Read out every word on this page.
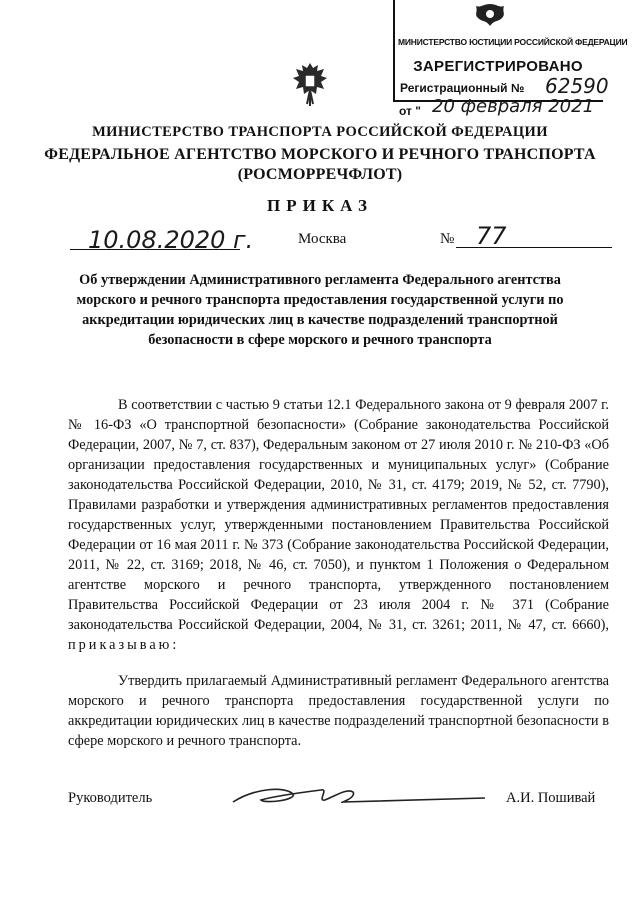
МИНИСТЕРСТВО ЮСТИЦИИ РОССИЙСКОЙ ФЕДЕРАЦИИ
ЗАРЕГИСТРИРОВАНО
Регистрационный № 62590
от " 20 февраля 2021
МИНИСТЕРСТВО ТРАНСПОРТА РОССИЙСКОЙ ФЕДЕРАЦИИ
ФЕДЕРАЛЬНОЕ АГЕНТСТВО МОРСКОГО И РЕЧНОГО ТРАНСПОРТА
(РОСМОРРЕЧФЛОТ)
ПРИКАЗ
10.08.2020 г.	Москва	№ 77
Об утверждении Административного регламента Федерального агентства
морского и речного транспорта предоставления государственной услуги по
аккредитации юридических лиц в качестве подразделений транспортной
безопасности в сфере морского и речного транспорта
В соответствии с частью 9 статьи 12.1 Федерального закона от 9 февраля 2007 г. № 16-ФЗ «О транспортной безопасности» (Собрание законодательства Российской Федерации, 2007, № 7, ст. 837), Федеральным законом от 27 июля 2010 г. № 210-ФЗ «Об организации предоставления государственных и муниципальных услуг» (Собрание законодательства Российской Федерации, 2010, № 31, ст. 4179; 2019, № 52, ст. 7790), Правилами разработки и утверждения административных регламентов предоставления государственных услуг, утвержденными постановлением Правительства Российской Федерации от 16 мая 2011 г. № 373 (Собрание законодательства Российской Федерации, 2011, № 22, ст. 3169; 2018, № 46, ст. 7050), и пунктом 1 Положения о Федеральном агентстве морского и речного транспорта, утвержденного постановлением Правительства Российской Федерации от 23 июля 2004 г. № 371 (Собрание законодательства Российской Федерации, 2004, № 31, ст. 3261; 2011, № 47, ст. 6660), приказываю:
Утвердить прилагаемый Административный регламент Федерального агентства морского и речного транспорта предоставления государственной услуги по аккредитации юридических лиц в качестве подразделений транспортной безопасности в сфере морского и речного транспорта.
Руководитель	А.И. Пошивай
